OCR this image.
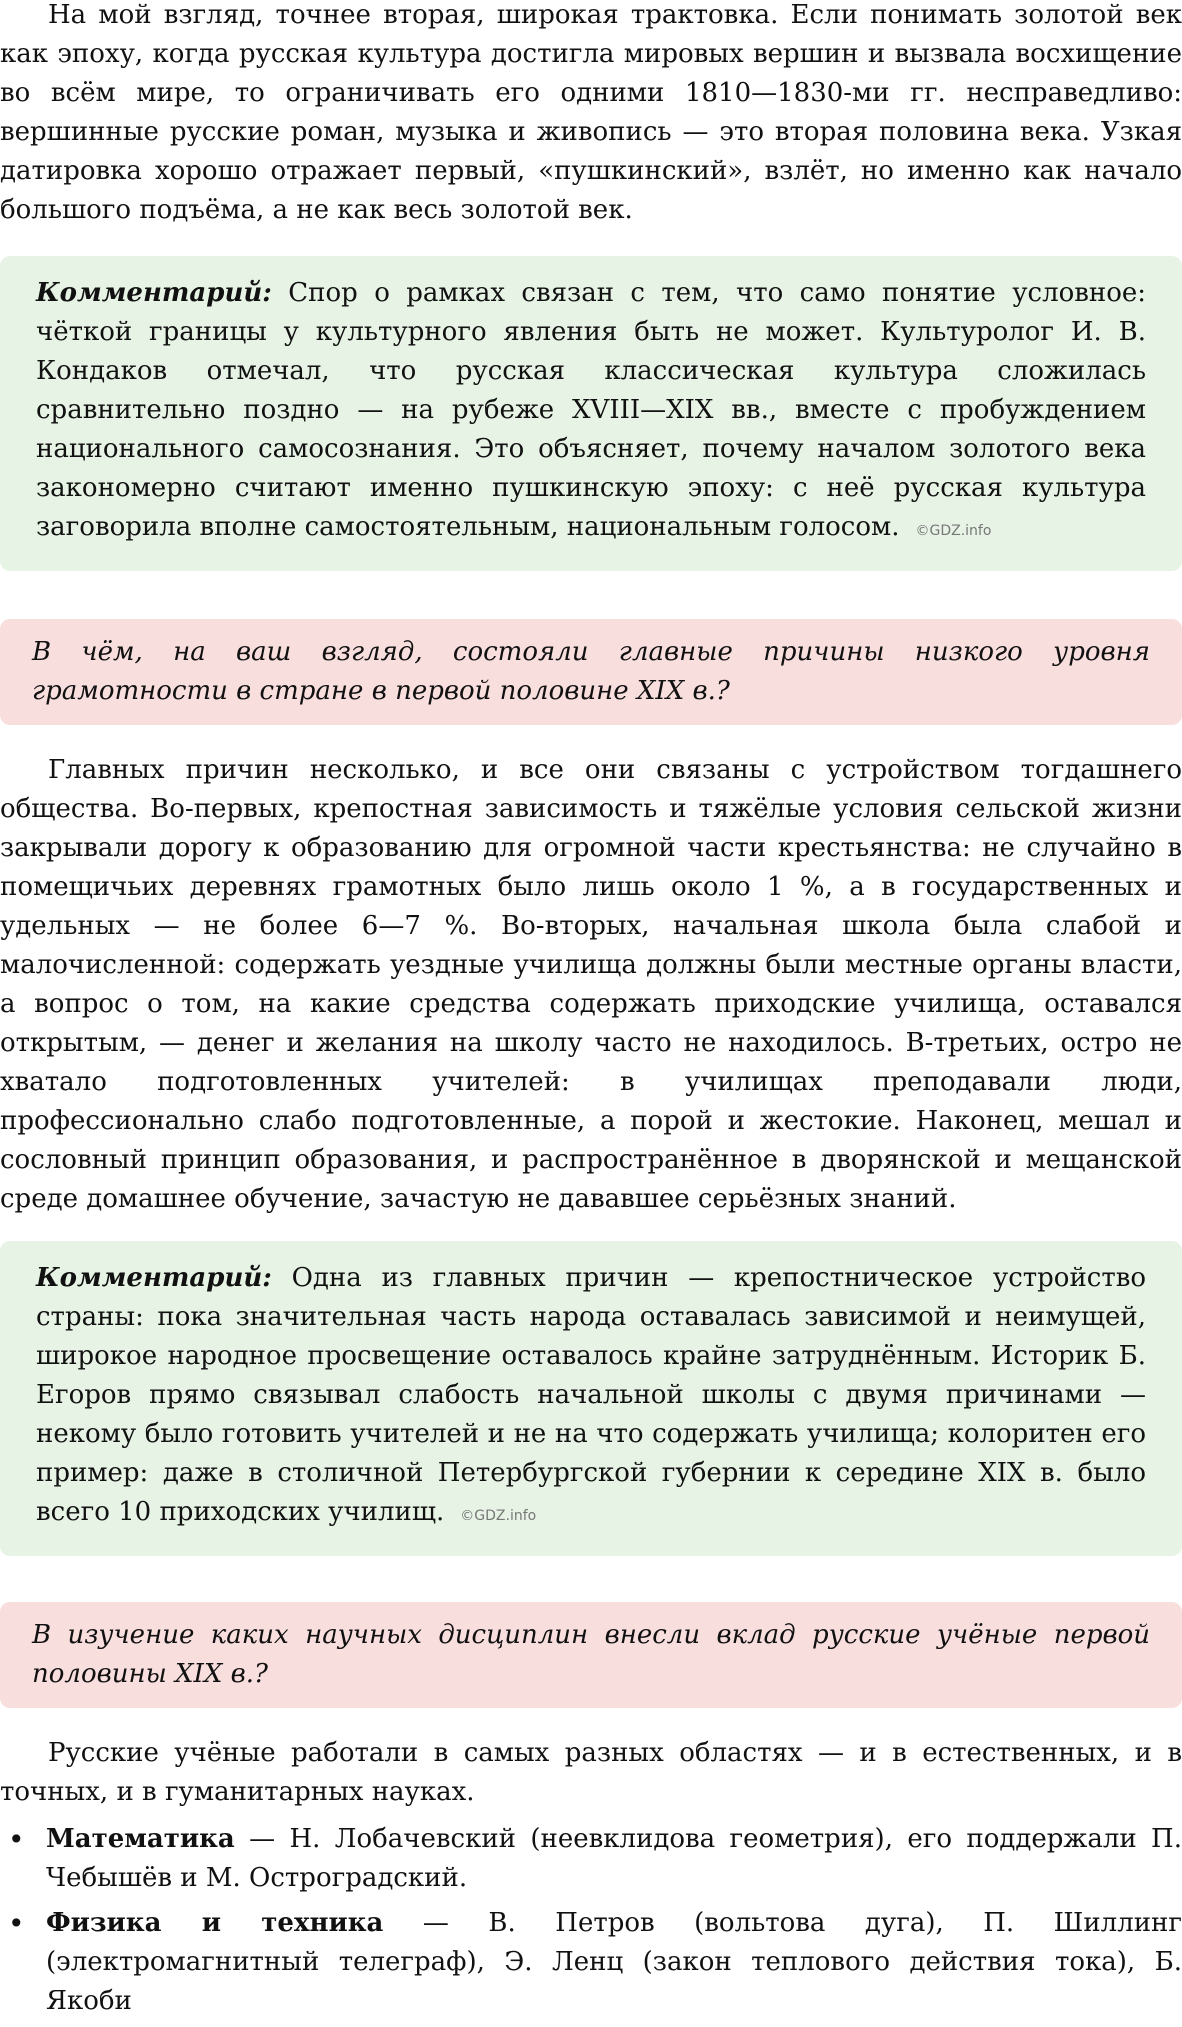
На мой взгляд, точнее вторая, широкая трактовка. Если понимать золотой век как эпоху, когда русская культура достигла мировых вершин и вызвала восхищение во всём мире, то ограничивать его одними 1810—1830-ми гг. несправедливо: вершинные русские роман, музыка и живопись — это вторая половина века. Узкая датировка хорошо отражает первый, «пушкинский», взлёт, но именно как начало большого подъёма, а не как весь золотой век.

Комментарий: Спор о рамках связан с тем, что само понятие условное: чёткой границы у культурного явления быть не может. Культуролог И. В. Кондаков отмечал, что русская классическая культура сложилась сравнительно поздно — на рубеже XVIII—XIX вв., вместе с пробуждением национального самосознания. Это объясняет, почему началом золотого века закономерно считают именно пушкинскую эпоху: с неё русская культура заговорила вполне самостоятельным, национальным голосом. ©GDZ.info

В чём, на ваш взгляд, состояли главные причины низкого уровня грамотности в стране в первой половине XIX в.?

Главных причин несколько, и все они связаны с устройством тогдашнего общества. Во-первых, крепостная зависимость и тяжёлые условия сельской жизни закрывали дорогу к образованию для огромной части крестьянства: не случайно в помещичьих деревнях грамотных было лишь около 1 %, а в государственных и удельных — не более 6—7 %. Во-вторых, начальная школа была слабой и малочисленной: содержать уездные училища должны были местные органы власти, а вопрос о том, на какие средства содержать приходские училища, оставался открытым, — денег и желания на школу часто не находилось. В-третьих, остро не хватало подготовленных учителей: в училищах преподавали люди, профессионально слабо подготовленные, а порой и жестокие. Наконец, мешал и сословный принцип образования, и распространённое в дворянской и мещанской среде домашнее обучение, зачастую не дававшее серьёзных знаний.

Комментарий: Одна из главных причин — крепостническое устройство страны: пока значительная часть народа оставалась зависимой и неимущей, широкое народное просвещение оставалось крайне затруднённым. Историк Б. Егоров прямо связывал слабость начальной школы с двумя причинами — некому было готовить учителей и не на что содержать училища; колоритен его пример: даже в столичной Петербургской губернии к середине XIX в. было всего 10 приходских училищ. ©GDZ.info

В изучение каких научных дисциплин внесли вклад русские учёные первой половины XIX в.?

Русские учёные работали в самых разных областях — и в естественных, и в точных, и в гуманитарных науках.

• Математика — Н. Лобачевский (неевклидова геометрия), его поддержали П. Чебышёв и М. Остроградский.
• Физика и техника — В. Петров (вольтова дуга), П. Шиллинг (электромагнитный телеграф), Э. Ленц (закон теплового действия тока), Б. Якоби
